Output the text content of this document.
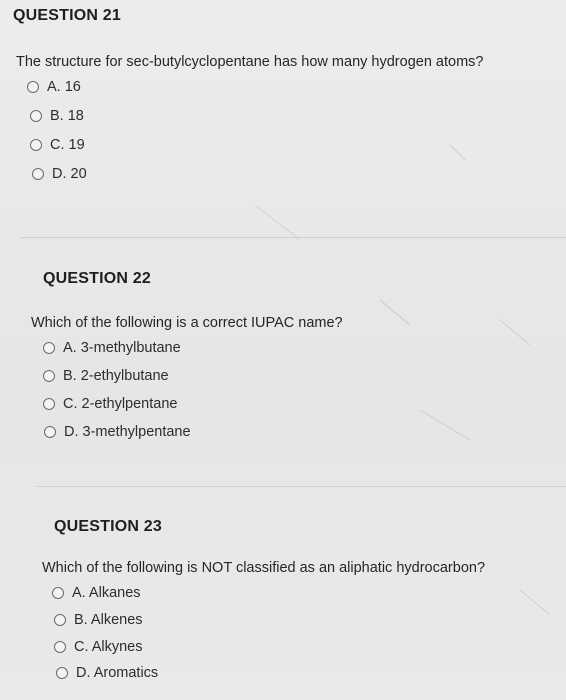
QUESTION 21
The structure for sec-butylcyclopentane has how many hydrogen atoms?
A. 16
B. 18
C. 19
D. 20
QUESTION 22
Which of the following is a correct IUPAC name?
A. 3-methylbutane
B. 2-ethylbutane
C. 2-ethylpentane
D. 3-methylpentane
QUESTION 23
Which of the following is NOT classified as an aliphatic hydrocarbon?
A. Alkanes
B. Alkenes
C. Alkynes
D. Aromatics
